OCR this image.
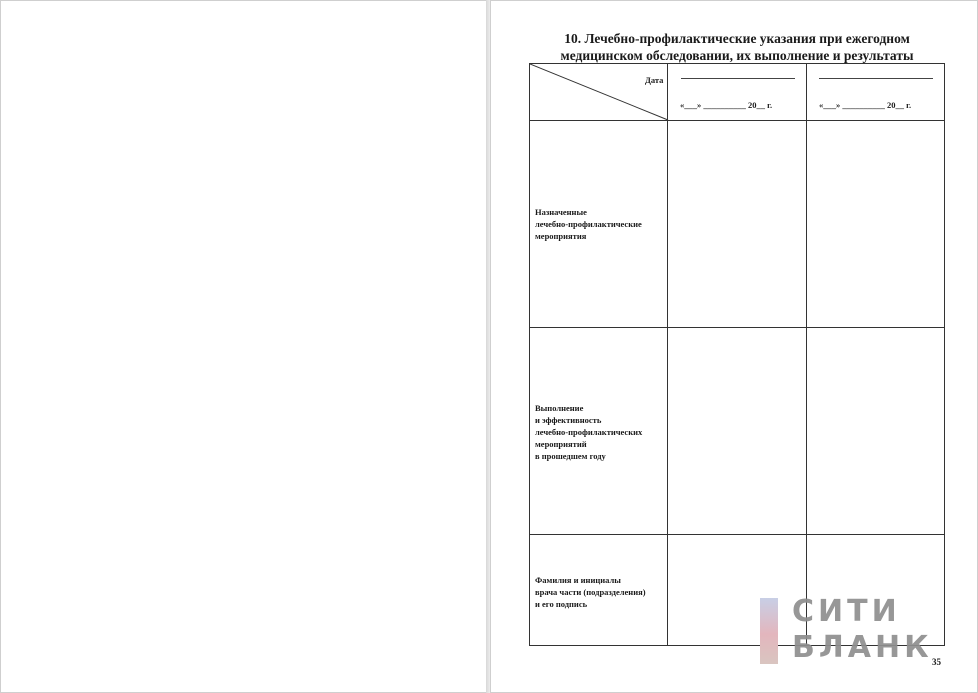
10. Лечебно-профилактические указания при ежегодном
медицинском обследовании, их выполнение и результаты
Дата
«___» __________ 20__ г.	«___» __________ 20__ г.
Назначенные
лечебно-профилактические
мероприятия
Выполнение
и эффективность
лечебно-профилактических
мероприятий
в прошедшем году
Фамилия и инициалы
врача части (подразделения)
и его подпись	СИТИ
БЛАНК 35
